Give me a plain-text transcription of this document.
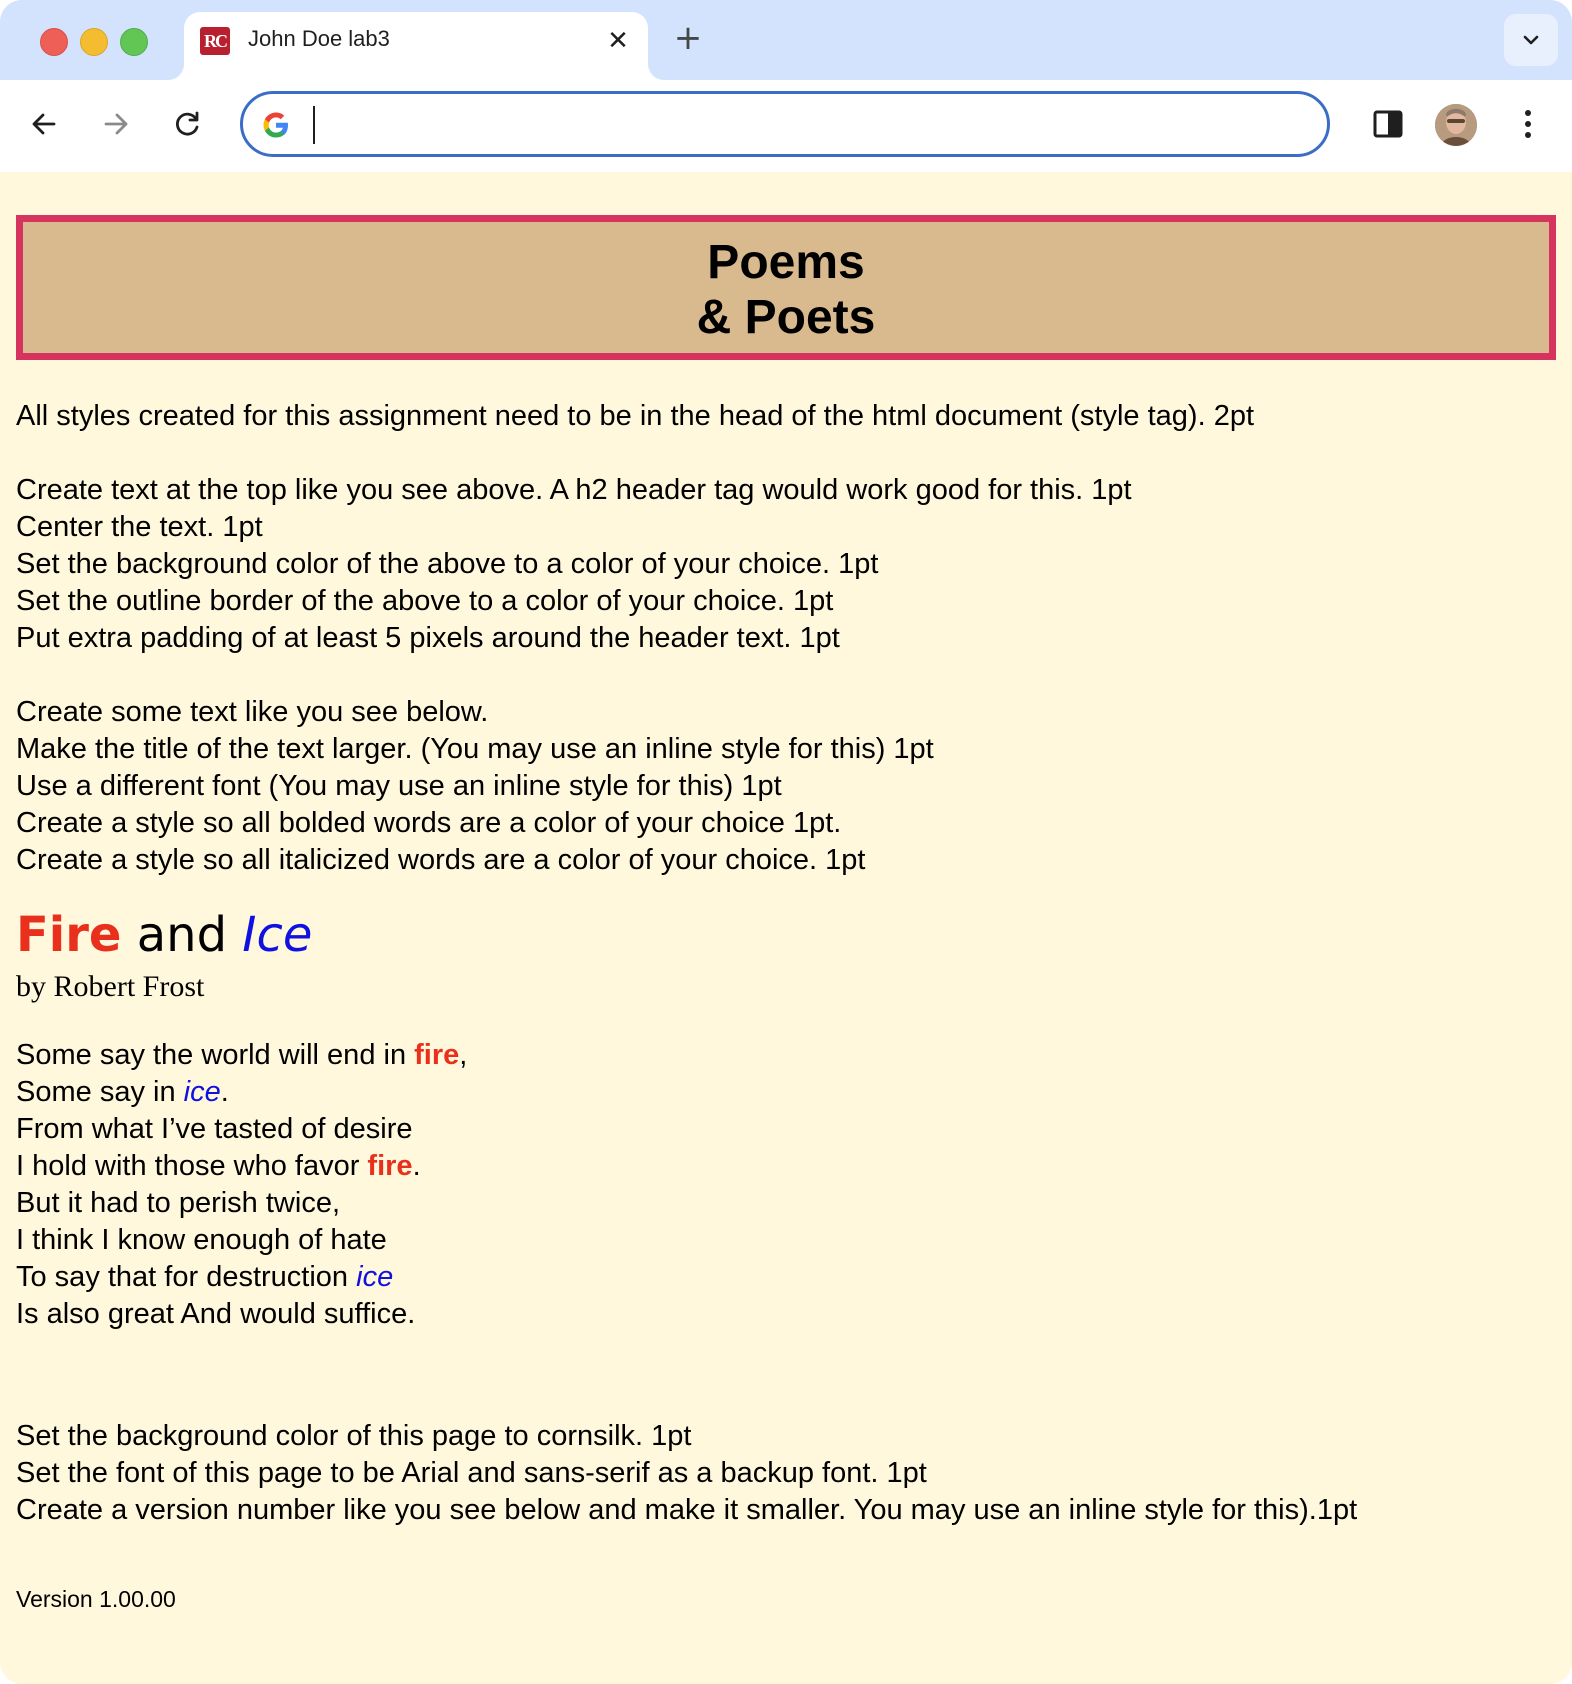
RC John Doe lab3	✕ +
Poems
& Poets
All styles created for this assignment need to be in the head of the html document (style tag). 2pt
Create text at the top like you see above. A h2 header tag would work good for this. 1pt
Center the text. 1pt
Set the background color of the above to a color of your choice. 1pt
Set the outline border of the above to a color of your choice. 1pt
Put extra padding of at least 5 pixels around the header text. 1pt
Create some text like you see below.
Make the title of the text larger. (You may use an inline style for this) 1pt
Use a different font (You may use an inline style for this) 1pt
Create a style so all bolded words are a color of your choice 1pt.
Create a style so all italicized words are a color of your choice. 1pt
Fire and Ice
by Robert Frost
Some say the world will end in fire,
Some say in ice.
From what I’ve tasted of desire
I hold with those who favor fire.
But it had to perish twice,
I think I know enough of hate
To say that for destruction ice
Is also great And would suffice.
Set the background color of this page to cornsilk. 1pt
Set the font of this page to be Arial and sans-serif as a backup font. 1pt
Create a version number like you see below and make it smaller. You may use an inline style for this).1pt
Version 1.00.00
